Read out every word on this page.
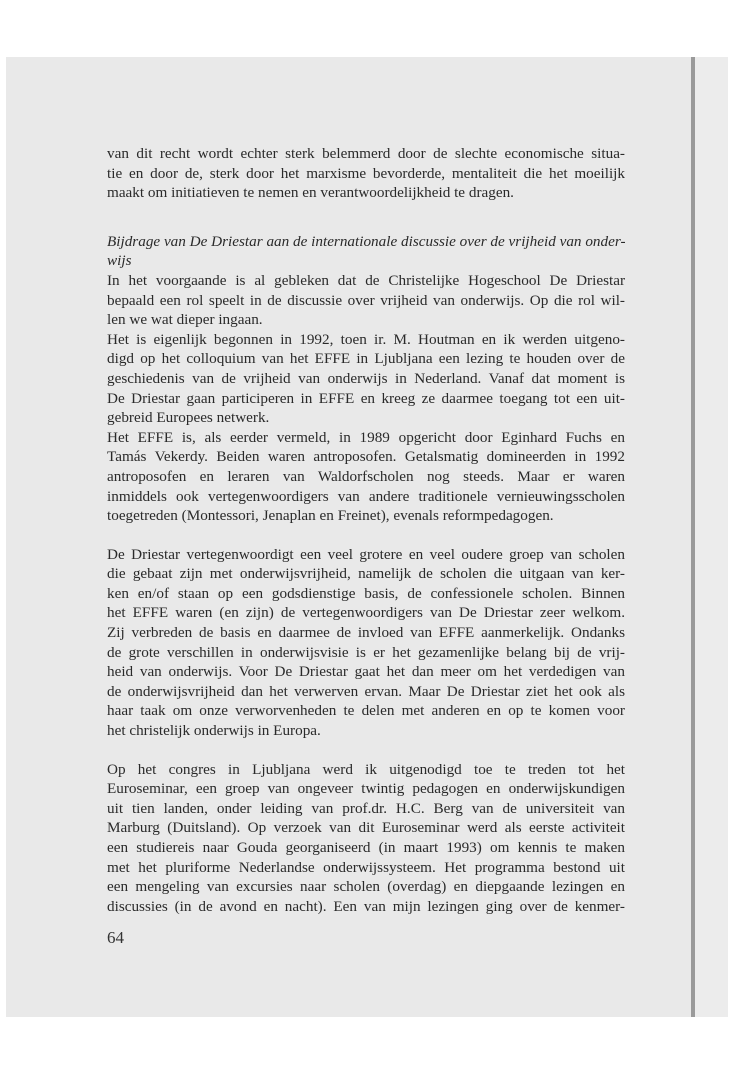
van dit recht wordt echter sterk belemmerd door de slechte economische situa-
tie en door de, sterk door het marxisme bevorderde, mentaliteit die het moeilijk
maakt om initiatieven te nemen en verantwoordelijkheid te dragen.
Bijdrage van De Driestar aan de internationale discussie over de vrijheid van onder-
wijs
In het voorgaande is al gebleken dat de Christelijke Hogeschool De Driestar
bepaald een rol speelt in de discussie over vrijheid van onderwijs. Op die rol wil-
len we wat dieper ingaan.
Het is eigenlijk begonnen in 1992, toen ir. M. Houtman en ik werden uitgeno-
digd op het colloquium van het EFFE in Ljubljana een lezing te houden over de
geschiedenis van de vrijheid van onderwijs in Nederland. Vanaf dat moment is
De Driestar gaan participeren in EFFE en kreeg ze daarmee toegang tot een uit-
gebreid Europees netwerk.
Het EFFE is, als eerder vermeld, in 1989 opgericht door Eginhard Fuchs en
Tamás Vekerdy. Beiden waren antroposofen. Getalsmatig domineerden in 1992
antroposofen en leraren van Waldorfscholen nog steeds. Maar er waren
inmiddels ook vertegenwoordigers van andere traditionele vernieuwingsscholen
toegetreden (Montessori, Jenaplan en Freinet), evenals reformpedagogen.
De Driestar vertegenwoordigt een veel grotere en veel oudere groep van scholen
die gebaat zijn met onderwijsvrijheid, namelijk de scholen die uitgaan van ker-
ken en/of staan op een godsdienstige basis, de confessionele scholen. Binnen
het EFFE waren (en zijn) de vertegenwoordigers van De Driestar zeer welkom.
Zij verbreden de basis en daarmee de invloed van EFFE aanmerkelijk. Ondanks
de grote verschillen in onderwijsvisie is er het gezamenlijke belang bij de vrij-
heid van onderwijs. Voor De Driestar gaat het dan meer om het verdedigen van
de onderwijsvrijheid dan het verwerven ervan. Maar De Driestar ziet het ook als
haar taak om onze verworvenheden te delen met anderen en op te komen voor
het christelijk onderwijs in Europa.
Op het congres in Ljubljana werd ik uitgenodigd toe te treden tot het
Euroseminar, een groep van ongeveer twintig pedagogen en onderwijskundigen
uit tien landen, onder leiding van prof.dr. H.C. Berg van de universiteit van
Marburg (Duitsland). Op verzoek van dit Euroseminar werd als eerste activiteit
een studiereis naar Gouda georganiseerd (in maart 1993) om kennis te maken
met het pluriforme Nederlandse onderwijssysteem. Het programma bestond uit
een mengeling van excursies naar scholen (overdag) en diepgaande lezingen en
discussies (in de avond en nacht). Een van mijn lezingen ging over de kenmer-
64
